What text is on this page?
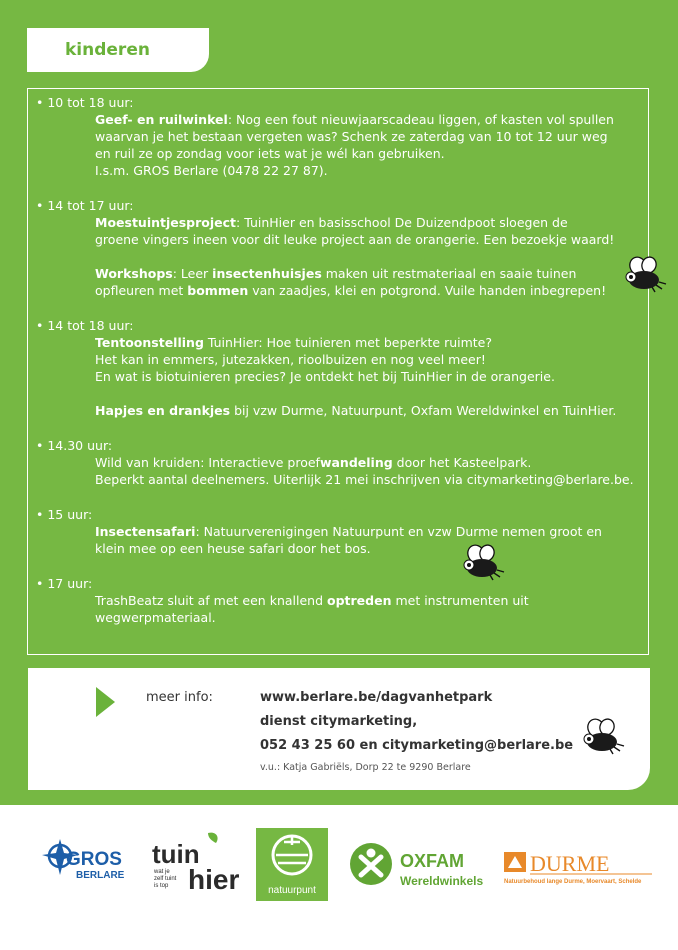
kinderen
• 10 tot 18 uur:
Geef- en ruilwinkel: Nog een fout nieuwjaarscadeau liggen, of kasten vol spullen
waarvan je het bestaan vergeten was? Schenk ze zaterdag van 10 tot 12 uur weg
en ruil ze op zondag voor iets wat je wél kan gebruiken.
I.s.m. GROS Berlare (0478 22 27 87).
• 14 tot 17 uur:
Moestuintjesproject: TuinHier en basisschool De Duizendpoot sloegen de
groene vingers ineen voor dit leuke project aan de orangerie. Een bezoekje waard!
Workshops: Leer insectenhuisjes maken uit restmateriaal en saaie tuinen
opfleuren met bommen van zaadjes, klei en potgrond. Vuile handen inbegrepen!
• 14 tot 18 uur:
Tentoonstelling TuinHier: Hoe tuinieren met beperkte ruimte?
Het kan in emmers, jutezakken, rioolbuizen en nog veel meer!
En wat is biotuinieren precies? Je ontdekt het bij TuinHier in de orangerie.
Hapjes en drankjes bij vzw Durme, Natuurpunt, Oxfam Wereldwinkel en TuinHier.
• 14.30 uur:
Wild van kruiden: Interactieve proefwandeling door het Kasteelpark.
Beperkt aantal deelnemers. Uiterlijk 21 mei inschrijven via citymarketing@berlare.be.
• 15 uur:
Insectensafari: Natuurverenigingen Natuurpunt en vzw Durme nemen groot en
klein mee op een heuse safari door het bos.
• 17 uur:
TrashBeatz sluit af met een knallend optreden met instrumenten uit
wegwerpmateriaal.
meer info:	www.berlare.be/dagvanhetpark
dienst citymarketing,
052 43 25 60 en citymarketing@berlare.be
v.u.: Katja Gabriëls, Dorp 22 te 9290 Berlare
GROS
BERLARE
tuin
hier
wat je
zelf tuint
is top	natuurpunt
OXFAM
Wereldwinkels
DURME
Natuurbehoud lange Durme, Moervaart, Schelde
